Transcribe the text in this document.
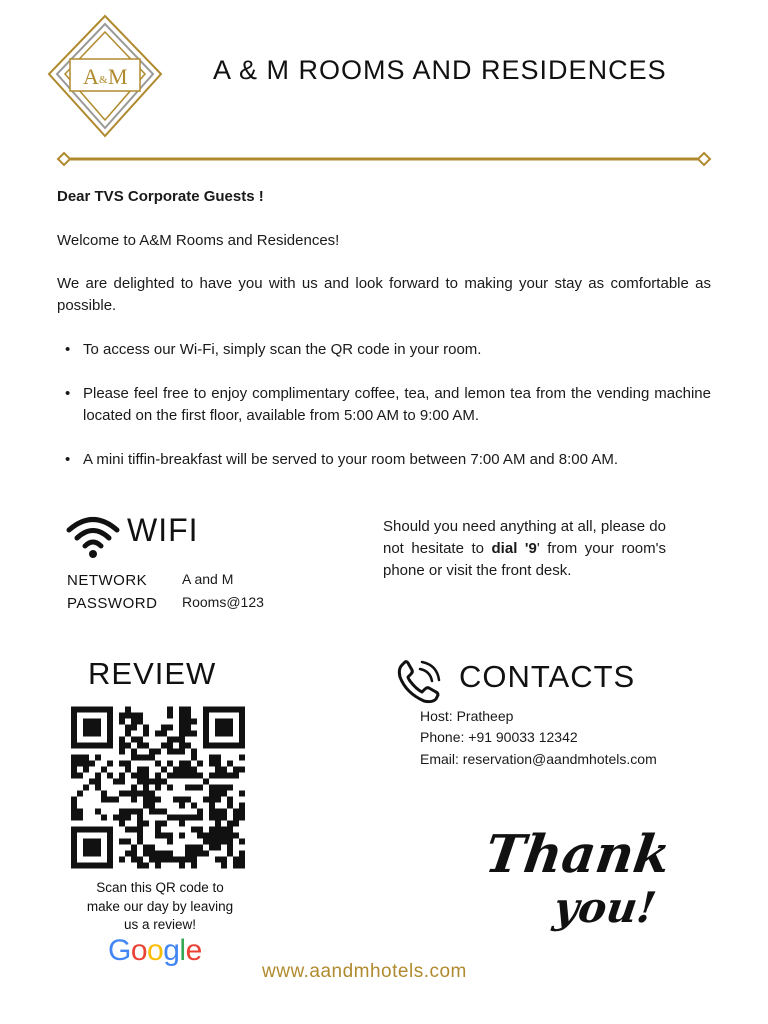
A & M	A & M ROOMS AND RESIDENCES
Dear TVS Corporate Guests !
Welcome to A&M Rooms and Residences!
We are delighted to have you with us and look forward to making your stay as comfortable as possible.
• To access our Wi-Fi, simply scan the QR code in your room.
• Please feel free to enjoy complimentary coffee, tea, and lemon tea from the vending machine located on the first floor, available from 5:00 AM to 9:00 AM.
• A mini tiffin-breakfast will be served to your room between 7:00 AM and 8:00 AM.
WIFI
NETWORK A and M
PASSWORD Rooms@123
Should you need anything at all, please do not hesitate to dial '9' from your room's phone or visit the front desk.
REVIEW
Scan this QR code to make our day by leaving us a review!
Google
CONTACTS
Host: Pratheep
Phone: +91 90033 12342
Email: reservation@aandmhotels.com
Thank
you!
www.aandmhotels.com
